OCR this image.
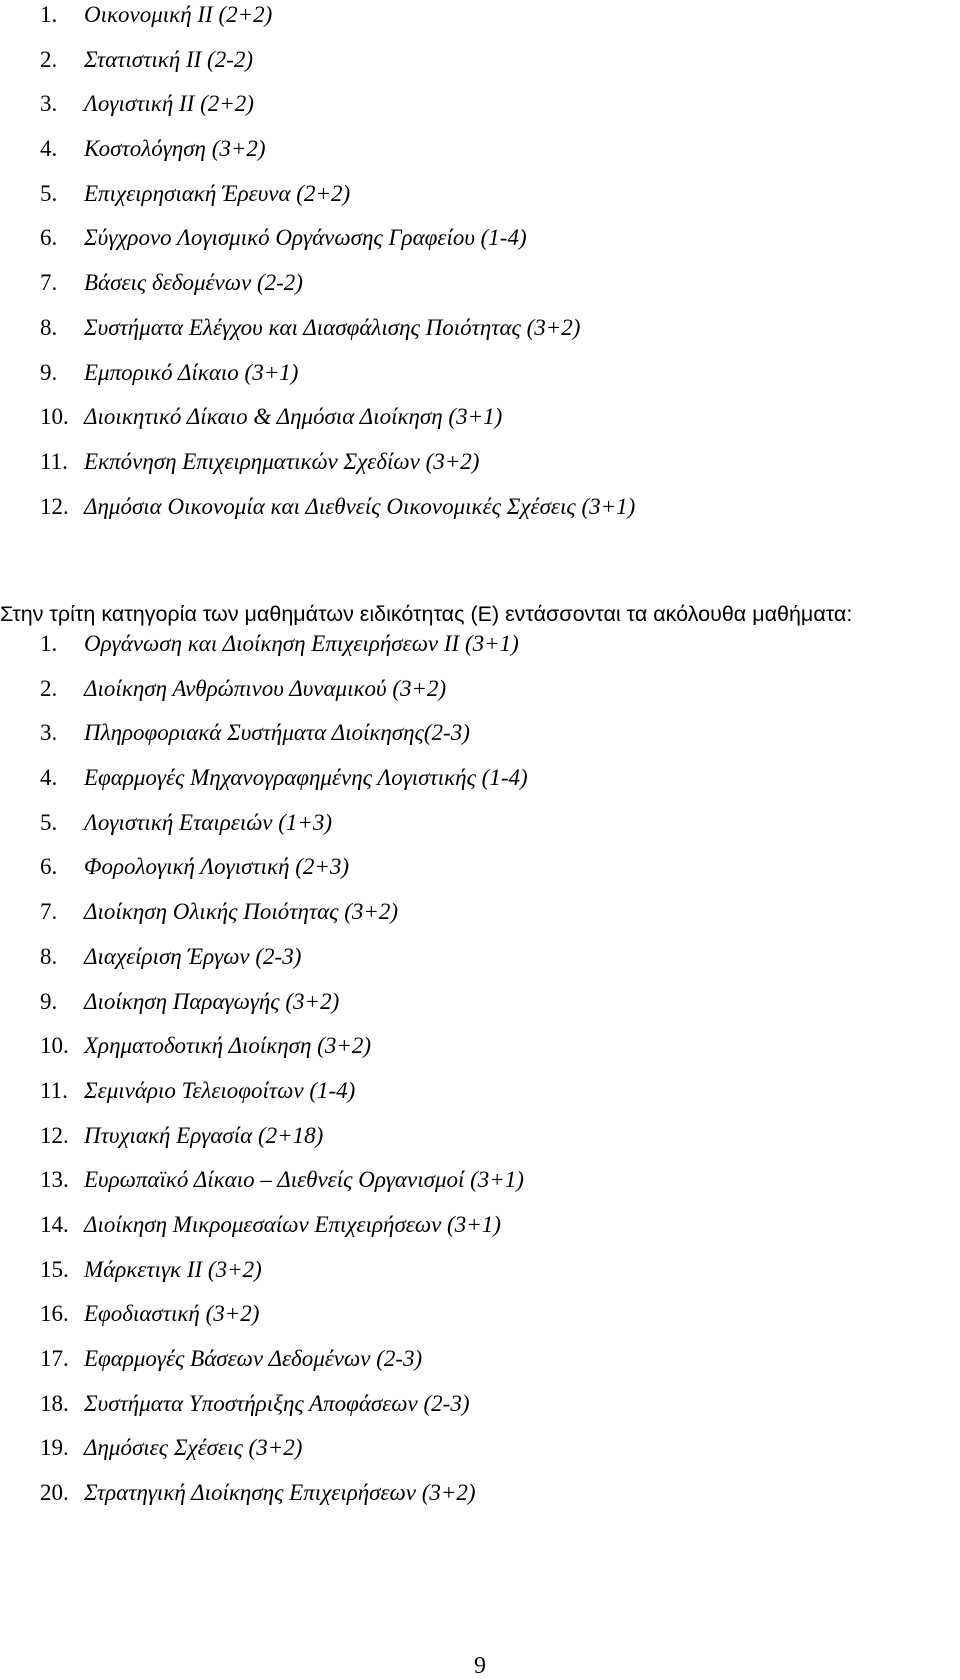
1. Οικονομική ΙΙ (2+2)
2. Στατιστική ΙΙ (2-2)
3. Λογιστική ΙΙ (2+2)
4. Κοστολόγηση (3+2)
5. Επιχειρησιακή Έρευνα (2+2)
6. Σύγχρονο Λογισμικό Οργάνωσης Γραφείου (1-4)
7. Βάσεις δεδομένων (2-2)
8. Συστήματα Ελέγχου και Διασφάλισης Ποιότητας (3+2)
9. Εμπορικό Δίκαιο (3+1)
10. Διοικητικό Δίκαιο & Δημόσια Διοίκηση (3+1)
11. Εκπόνηση Επιχειρηματικών Σχεδίων (3+2)
12. Δημόσια Οικονομία και Διεθνείς Οικονομικές Σχέσεις (3+1)

Στην τρίτη κατηγορία των μαθημάτων ειδικότητας (Ε) εντάσσονται τα ακόλουθα μαθήματα:

1. Οργάνωση και Διοίκηση Επιχειρήσεων ΙΙ (3+1)
2. Διοίκηση Ανθρώπινου Δυναμικού (3+2)
3. Πληροφοριακά Συστήματα Διοίκησης(2-3)
4. Εφαρμογές Μηχανογραφημένης Λογιστικής (1-4)
5. Λογιστική Εταιρειών (1+3)
6. Φορολογική Λογιστική (2+3)
7. Διοίκηση Ολικής Ποιότητας (3+2)
8. Διαχείριση Έργων (2-3)
9. Διοίκηση Παραγωγής (3+2)
10. Χρηματοδοτική Διοίκηση (3+2)
11. Σεμινάριο Τελειοφοίτων (1-4)
12. Πτυχιακή Εργασία (2+18)
13. Ευρωπαϊκό Δίκαιο – Διεθνείς Οργανισμοί (3+1)
14. Διοίκηση Μικρομεσαίων Επιχειρήσεων (3+1)
15. Μάρκετιγκ ΙΙ (3+2)
16. Εφοδιαστική (3+2)
17. Εφαρμογές Βάσεων Δεδομένων (2-3)
18. Συστήματα Υποστήριξης Αποφάσεων (2-3)
19. Δημόσιες Σχέσεις (3+2)
20. Στρατηγική Διοίκησης Επιχειρήσεων (3+2)
9
